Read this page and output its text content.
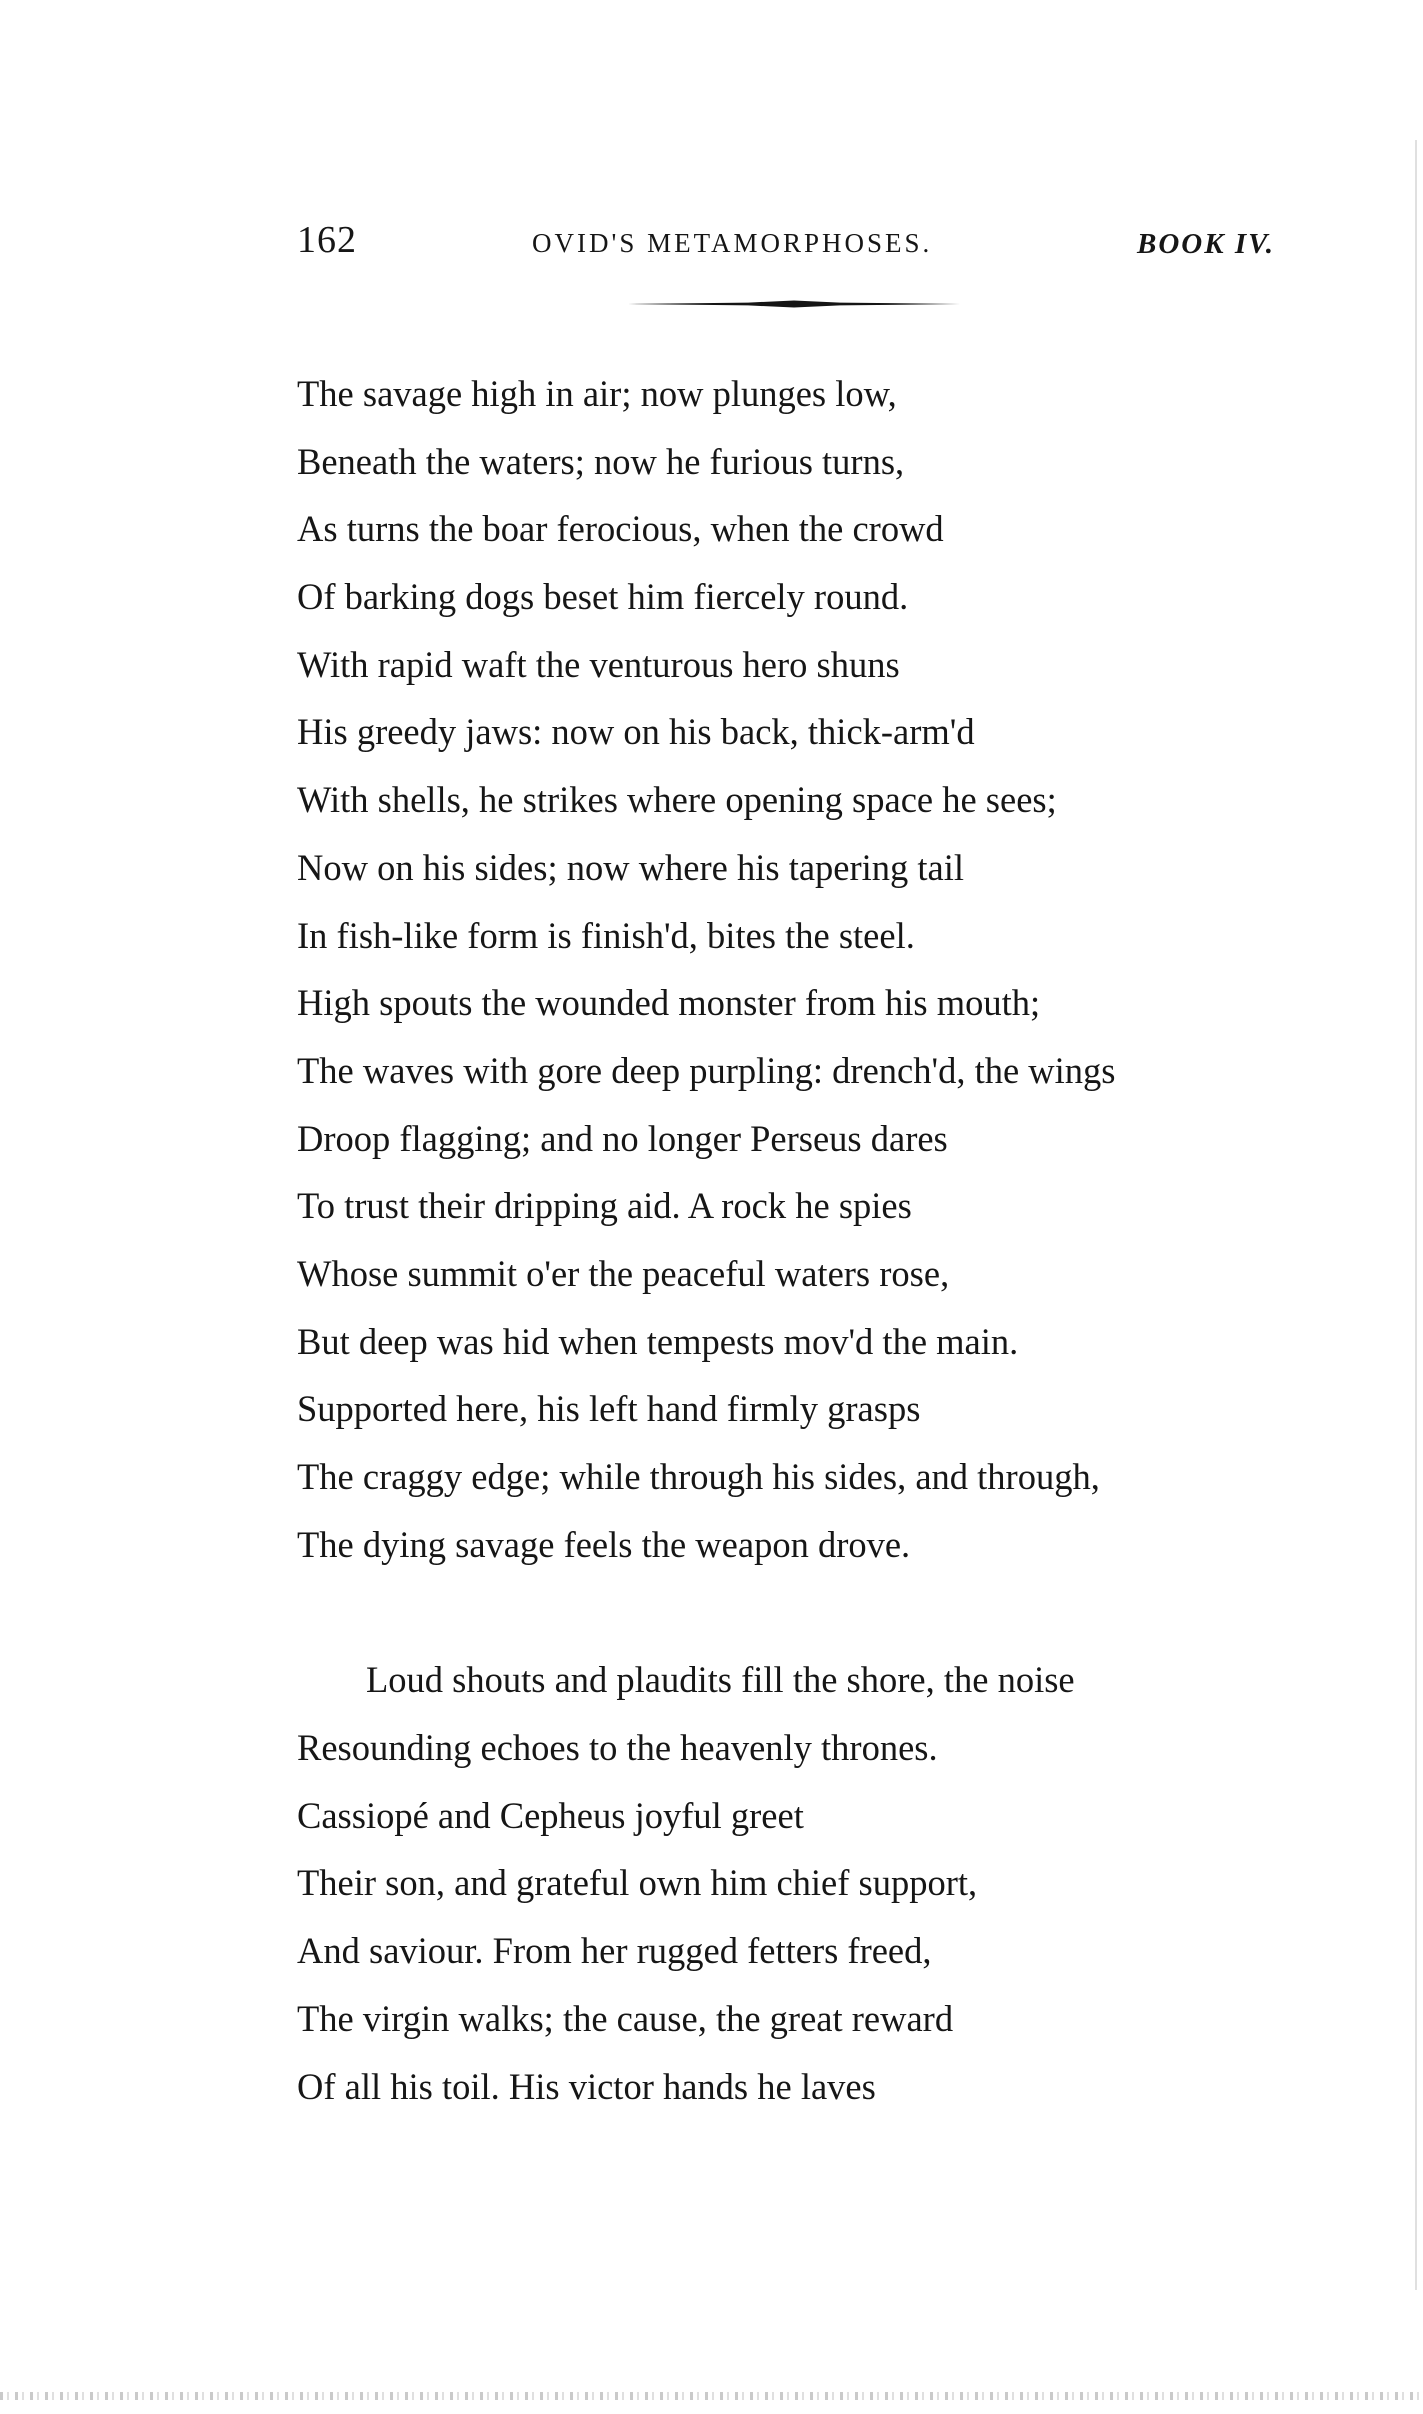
162	OVID'S METAMORPHOSES.	BOOK IV.
The savage high in air; now plunges low,
Beneath the waters; now he furious turns,
As turns the boar ferocious, when the crowd
Of barking dogs beset him fiercely round.
With rapid waft the venturous hero shuns
His greedy jaws: now on his back, thick-arm'd
With shells, he strikes where opening space he sees;
Now on his sides; now where his tapering tail
In fish-like form is finish'd, bites the steel.
High spouts the wounded monster from his mouth;
The waves with gore deep purpling: drench'd, the wings
Droop flagging; and no longer Perseus dares
To trust their dripping aid. A rock he spies
Whose summit o'er the peaceful waters rose,
But deep was hid when tempests mov'd the main.
Supported here, his left hand firmly grasps
The craggy edge; while through his sides, and through,
The dying savage feels the weapon drove.
Loud shouts and plaudits fill the shore, the noise
Resounding echoes to the heavenly thrones.
Cassiopé and Cepheus joyful greet
Their son, and grateful own him chief support,
And saviour. From her rugged fetters freed,
The virgin walks; the cause, the great reward
Of all his toil. His victor hands he laves
